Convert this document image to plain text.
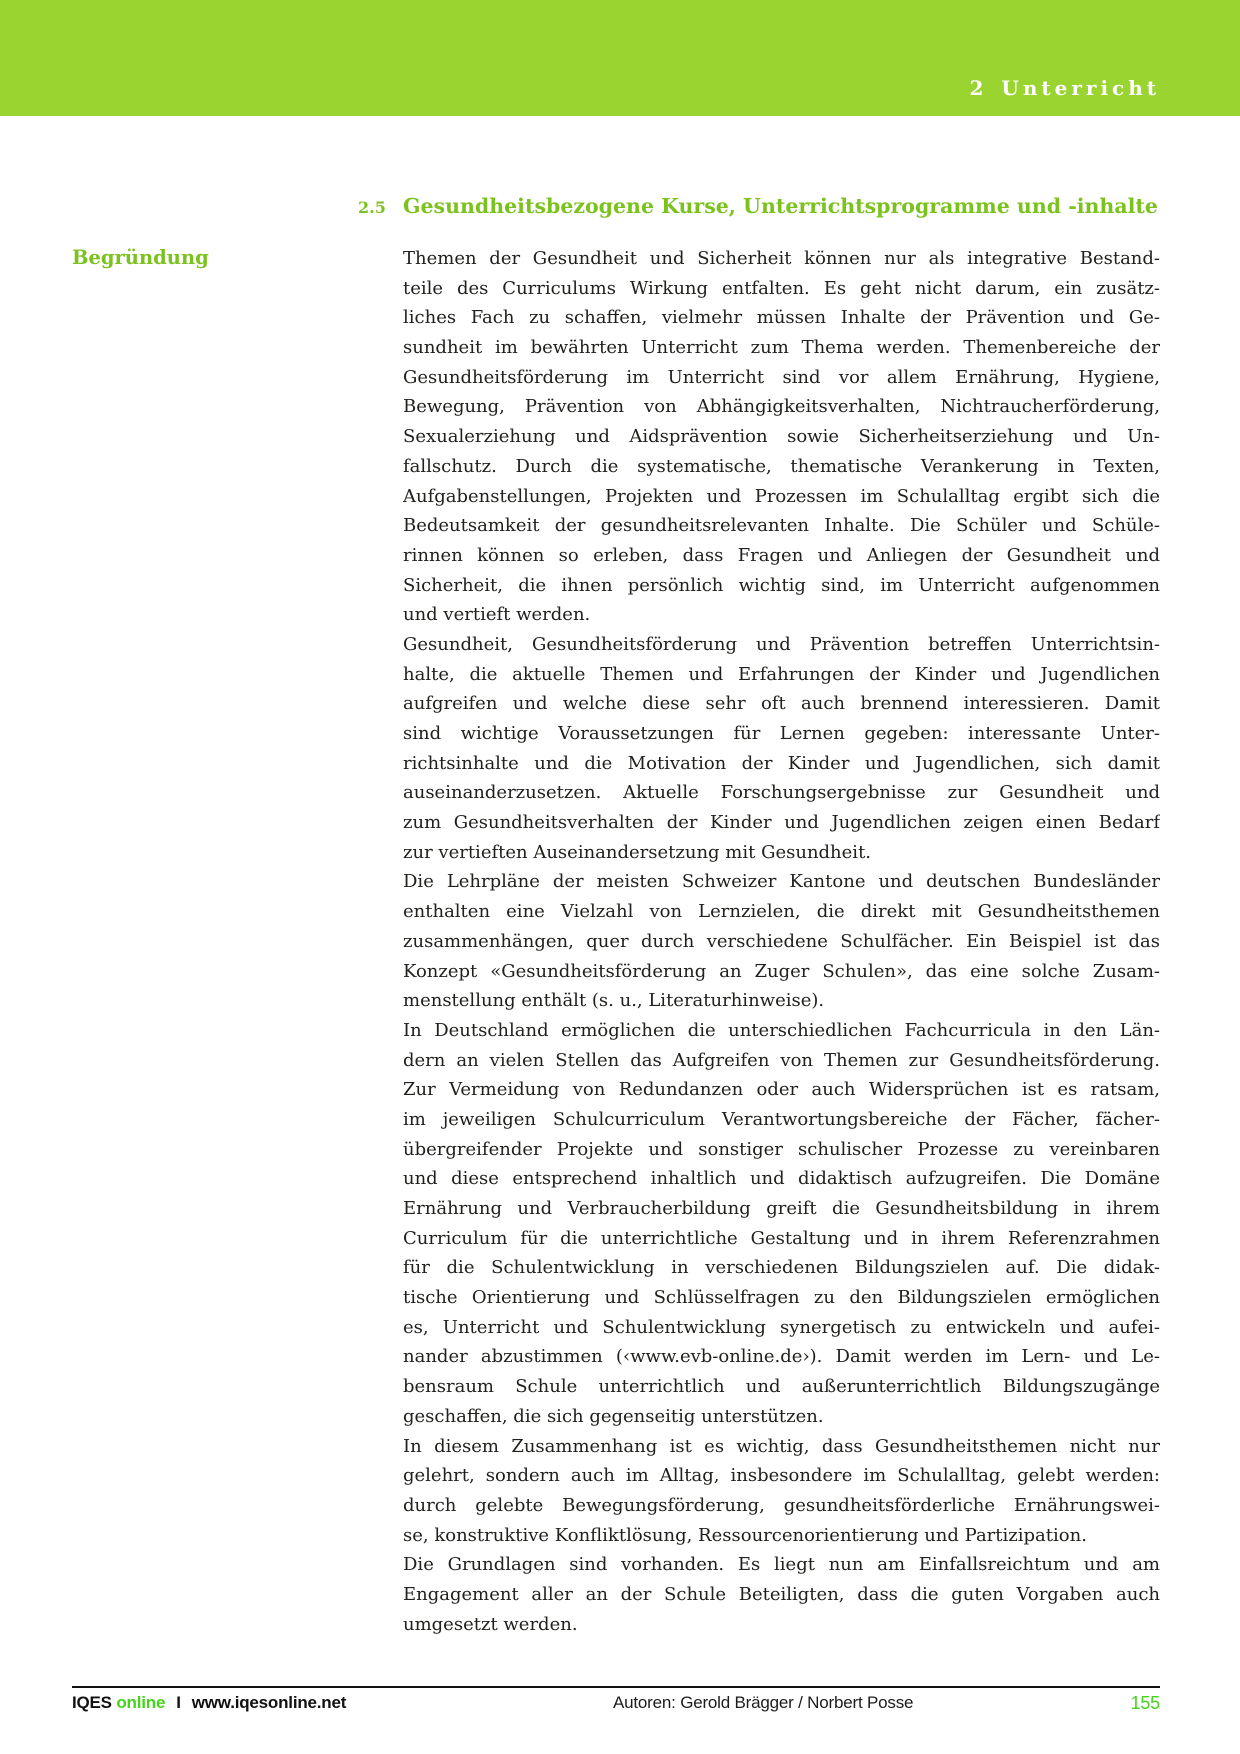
2 Unterricht
2.5 Gesundheitsbezogene Kurse, Unterrichtsprogramme und -inhalte
Begründung	Themen der Gesundheit und Sicherheit können nur als integrative Bestand-
teile des Curriculums Wirkung entfalten. Es geht nicht darum, ein zusätz-
liches Fach zu schaffen, vielmehr müssen Inhalte der Prävention und Ge-
sundheit im bewährten Unterricht zum Thema werden. Themenbereiche der
Gesundheitsförderung im Unterricht sind vor allem Ernährung, Hygiene,
Bewegung, Prävention von Abhängigkeitsverhalten, Nichtraucherförderung,
Sexualerziehung und Aidsprävention sowie Sicherheitserziehung und Un-
fallschutz. Durch die systematische, thematische Verankerung in Texten,
Aufgabenstellungen, Projekten und Prozessen im Schulalltag ergibt sich die
Bedeutsamkeit der gesundheitsrelevanten Inhalte. Die Schüler und Schüle-
rinnen können so erleben, dass Fragen und Anliegen der Gesundheit und
Sicherheit, die ihnen persönlich wichtig sind, im Unterricht aufgenommen
und vertieft werden.
Gesundheit, Gesundheitsförderung und Prävention betreffen Unterrichtsin-
halte, die aktuelle Themen und Erfahrungen der Kinder und Jugendlichen
aufgreifen und welche diese sehr oft auch brennend interessieren. Damit
sind wichtige Voraussetzungen für Lernen gegeben: interessante Unter-
richtsinhalte und die Motivation der Kinder und Jugendlichen, sich damit
auseinanderzusetzen. Aktuelle Forschungsergebnisse zur Gesundheit und
zum Gesundheitsverhalten der Kinder und Jugendlichen zeigen einen Bedarf
zur vertieften Auseinandersetzung mit Gesundheit.
Die Lehrpläne der meisten Schweizer Kantone und deutschen Bundesländer
enthalten eine Vielzahl von Lernzielen, die direkt mit Gesundheitsthemen
zusammenhängen, quer durch verschiedene Schulfächer. Ein Beispiel ist das
Konzept «Gesundheitsförderung an Zuger Schulen», das eine solche Zusam-
menstellung enthält (s. u., Literaturhinweise).
In Deutschland ermöglichen die unterschiedlichen Fachcurricula in den Län-
dern an vielen Stellen das Aufgreifen von Themen zur Gesundheitsförderung.
Zur Vermeidung von Redundanzen oder auch Widersprüchen ist es ratsam,
im jeweiligen Schulcurriculum Verantwortungsbereiche der Fächer, fächer-
übergreifender Projekte und sonstiger schulischer Prozesse zu vereinbaren
und diese entsprechend inhaltlich und didaktisch aufzugreifen. Die Domäne
Ernährung und Verbraucherbildung greift die Gesundheitsbildung in ihrem
Curriculum für die unterrichtliche Gestaltung und in ihrem Referenzrahmen
für die Schulentwicklung in verschiedenen Bildungszielen auf. Die didak-
tische Orientierung und Schlüsselfragen zu den Bildungszielen ermöglichen
es, Unterricht und Schulentwicklung synergetisch zu entwickeln und aufei-
nander abzustimmen (‹www.evb-online.de›). Damit werden im Lern- und Le-
bensraum Schule unterrichtlich und außerunterrichtlich Bildungszugänge
geschaffen, die sich gegenseitig unterstützen.
In diesem Zusammenhang ist es wichtig, dass Gesundheitsthemen nicht nur
gelehrt, sondern auch im Alltag, insbesondere im Schulalltag, gelebt werden:
durch gelebte Bewegungsförderung, gesundheitsförderliche Ernährungswei-
se, konstruktive Konfliktlösung, Ressourcenorientierung und Partizipation.
Die Grundlagen sind vorhanden. Es liegt nun am Einfallsreichtum und am
Engagement aller an der Schule Beteiligten, dass die guten Vorgaben auch
umgesetzt werden.
IQES online I www.iqesonline.net	Autoren: Gerold Brägger / Norbert Posse	155
